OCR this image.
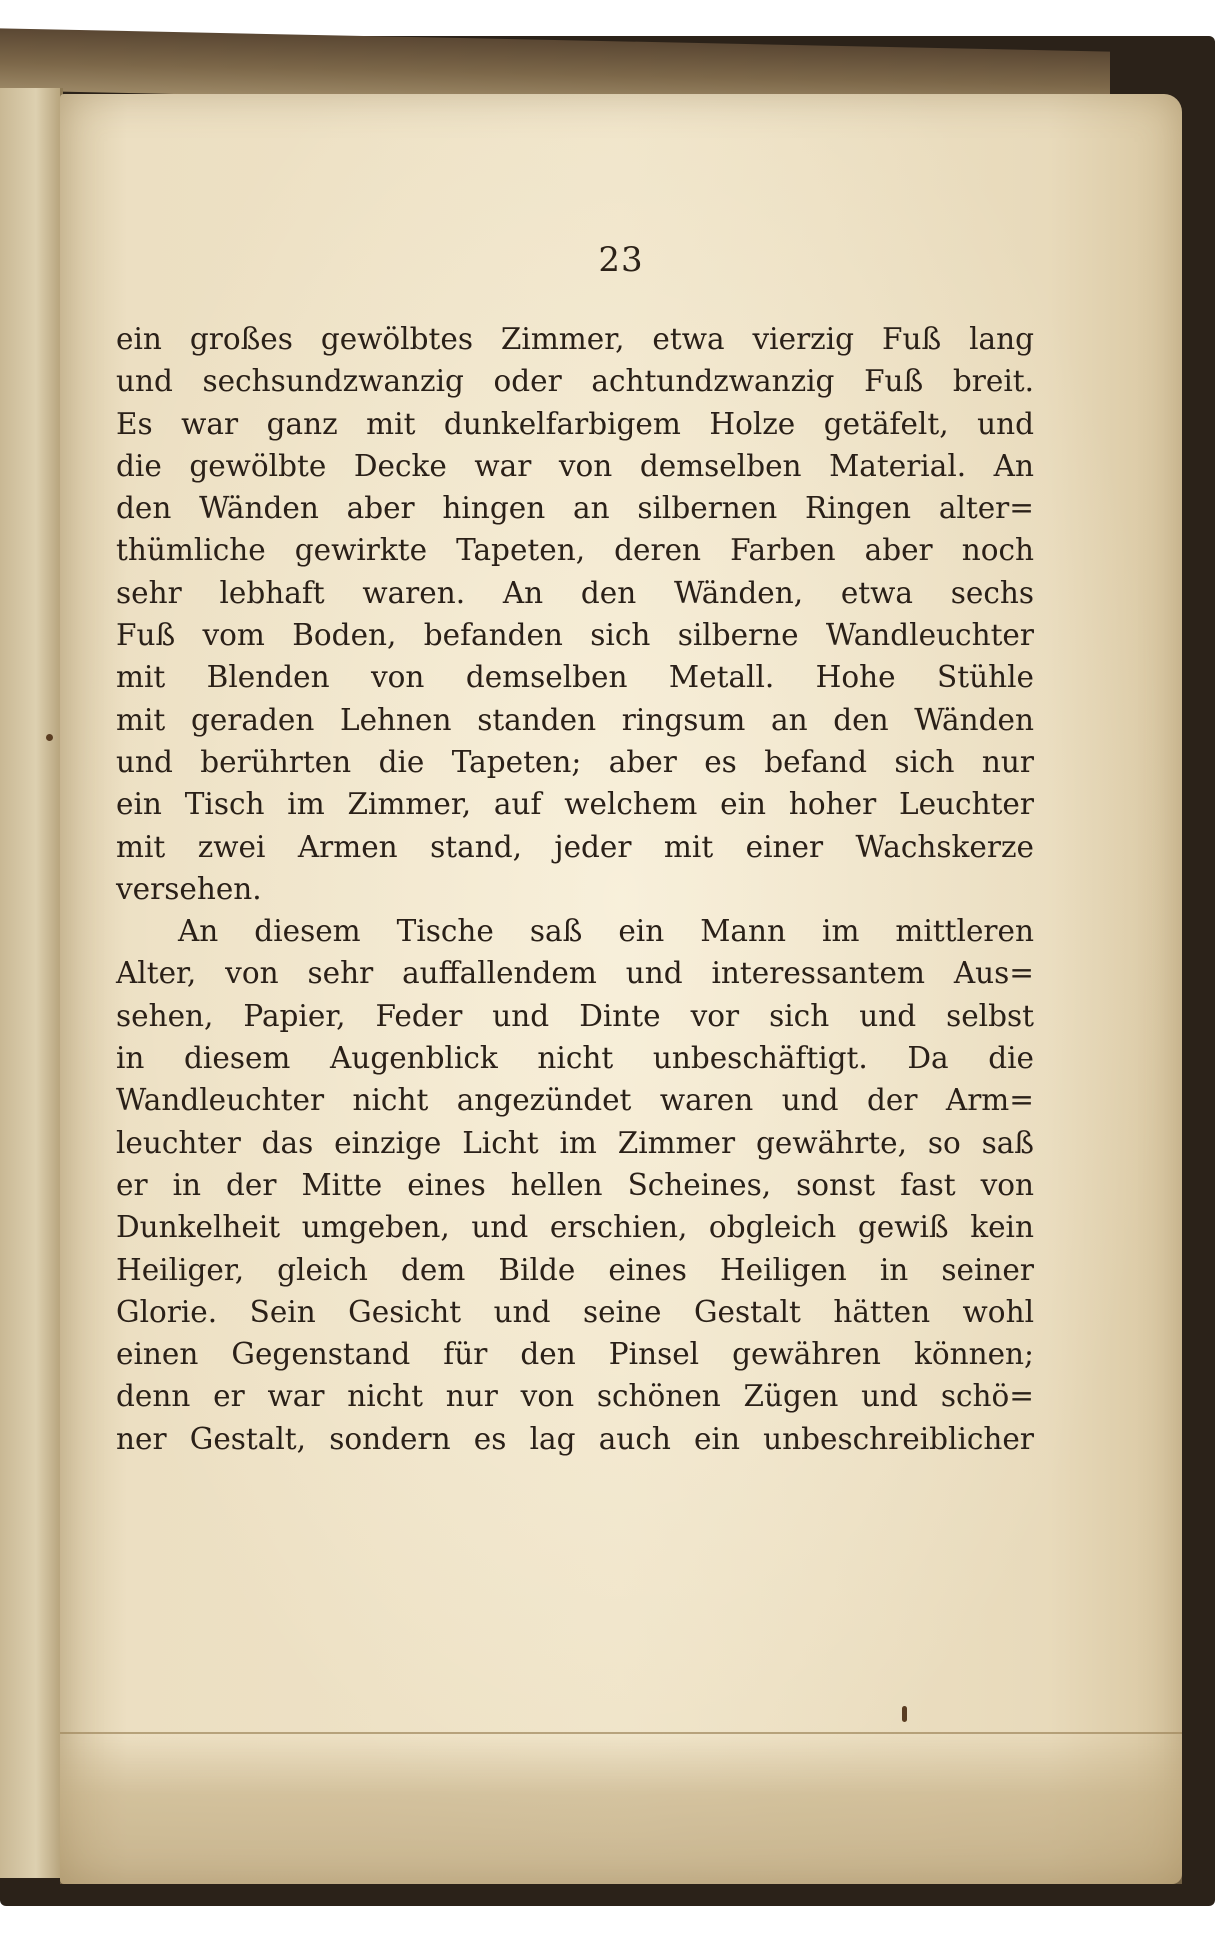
23
ein großes gewölbtes Zimmer, etwa vierzig Fuß lang
und sechsundzwanzig oder achtundzwanzig Fuß breit.
Es war ganz mit dunkelfarbigem Holze getäfelt, und
die gewölbte Decke war von demselben Material. An
den Wänden aber hingen an silbernen Ringen alter=
thümliche gewirkte Tapeten, deren Farben aber noch
sehr lebhaft waren. An den Wänden, etwa sechs
Fuß vom Boden, befanden sich silberne Wandleuchter
mit Blenden von demselben Metall. Hohe Stühle
mit geraden Lehnen standen ringsum an den Wänden
und berührten die Tapeten; aber es befand sich nur
ein Tisch im Zimmer, auf welchem ein hoher Leuchter
mit zwei Armen stand, jeder mit einer Wachskerze
versehen.
An diesem Tische saß ein Mann im mittleren
Alter, von sehr auffallendem und interessantem Aus=
sehen, Papier, Feder und Dinte vor sich und selbst
in diesem Augenblick nicht unbeschäftigt. Da die
Wandleuchter nicht angezündet waren und der Arm=
leuchter das einzige Licht im Zimmer gewährte, so saß
er in der Mitte eines hellen Scheines, sonst fast von
Dunkelheit umgeben, und erschien, obgleich gewiß kein
Heiliger, gleich dem Bilde eines Heiligen in seiner
Glorie. Sein Gesicht und seine Gestalt hätten wohl
einen Gegenstand für den Pinsel gewähren können;
denn er war nicht nur von schönen Zügen und schö=
ner Gestalt, sondern es lag auch ein unbeschreiblicher
